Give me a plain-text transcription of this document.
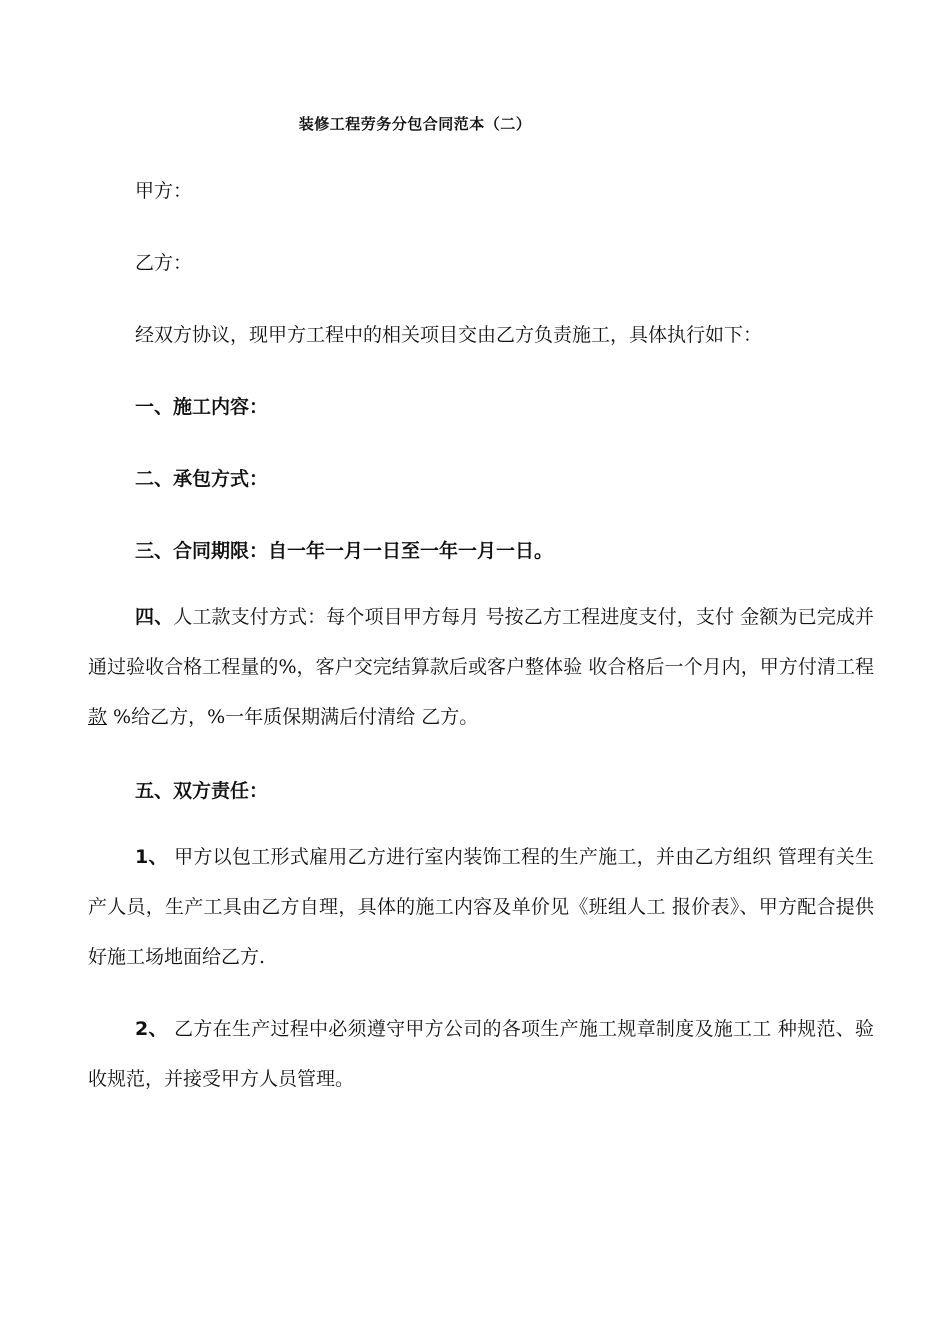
装修工程劳务分包合同范本（二）
甲方：
乙方：
经双方协议，现甲方工程中的相关项目交由乙方负责施工，具体执行如下：
一、施工内容：
二、承包方式：
三、合同期限：自一年一月一日至一年一月一日。
四、人工款支付方式：每个项目甲方每月 号按乙方工程进度支付，支付 金额为已完成并通过验收合格工程量的%，客户交完结算款后或客户整体验 收合格后一个月内，甲方付清工程款 %给乙方，%一年质保期满后付清给 乙方。
五、双方责任：
1、 甲方以包工形式雇用乙方进行室内装饰工程的生产施工，并由乙方组织 管理有关生产人员，生产工具由乙方自理，具体的施工内容及单价见《班组人工 报价表》、甲方配合提供好施工场地面给乙方.
2、 乙方在生产过程中必须遵守甲方公司的各项生产施工规章制度及施工工 种规范、验收规范，并接受甲方人员管理。
